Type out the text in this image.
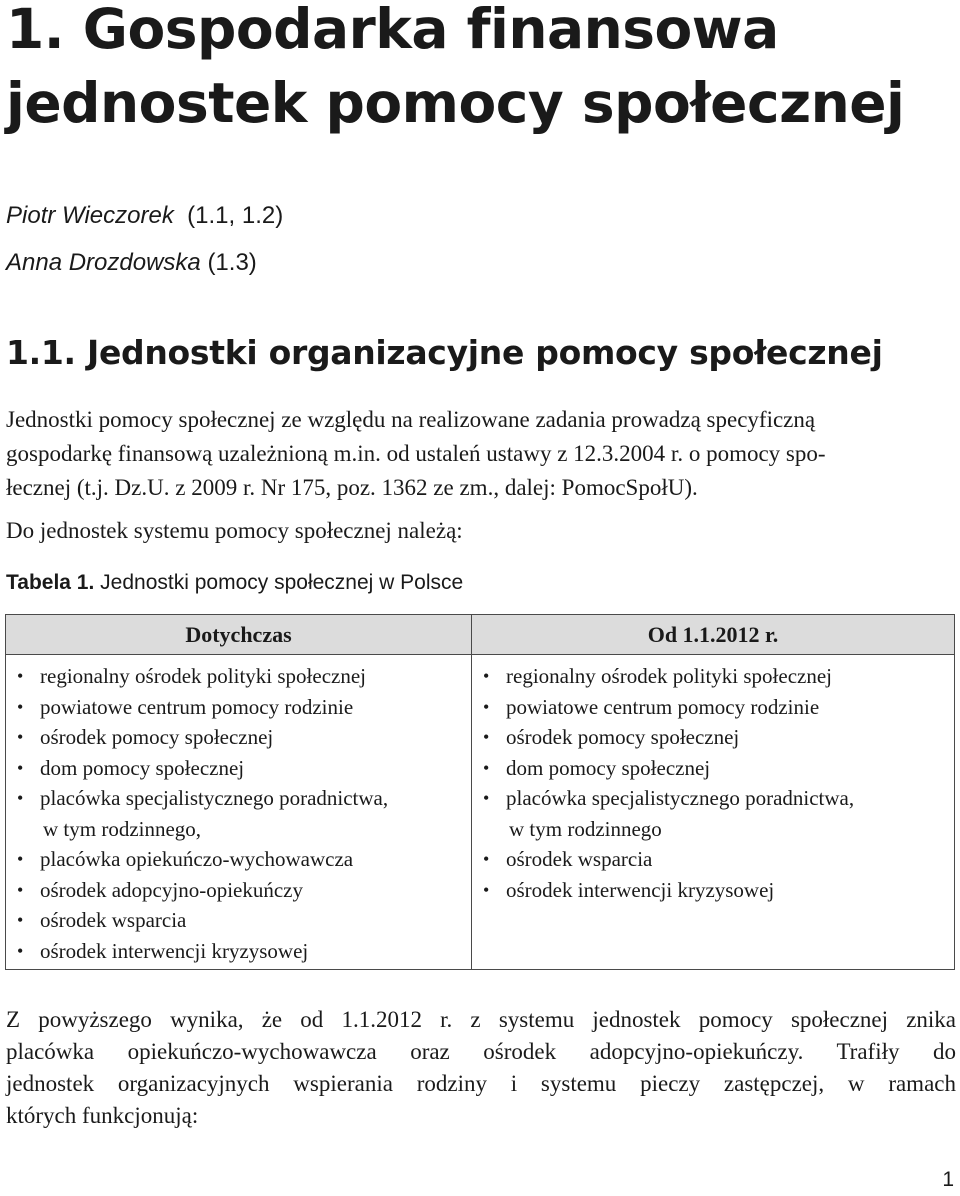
1. Gospodarka finansowa
jednostek pomocy społecznej
Piotr Wieczorek (1.1, 1.2)
Anna Drozdowska (1.3)
1.1. Jednostki organizacyjne pomocy społecznej

Jednostki pomocy społecznej ze względu na realizowane zadania prowadzą specyficzną
gospodarkę finansową uzależnioną m.in. od ustaleń ustawy z 12.3.2004 r. o pomocy spo-
łecznej (t.j. Dz.U. z 2009 r. Nr 175, poz. 1362 ze zm., dalej: PomocSpołU).

Do jednostek systemu pomocy społecznej należą:

Tabela 1. Jednostki pomocy społecznej w Polsce
Dotychczas
• regionalny ośrodek polityki społecznej
• powiatowe centrum pomocy rodzinie
• ośrodek pomocy społecznej
• dom pomocy społecznej
• placówka specjalistycznego poradnictwa,
w tym rodzinnego,
• placówka opiekuńczo-wychowawcza
• ośrodek adopcyjno-opiekuńczy
• ośrodek wsparcia
• ośrodek interwencji kryzysowej
Od 1.1.2012 r.
• regionalny ośrodek polityki społecznej
• powiatowe centrum pomocy rodzinie
• ośrodek pomocy społecznej
• dom pomocy społecznej
• placówka specjalistycznego poradnictwa,
w tym rodzinnego
• ośrodek wsparcia
• ośrodek interwencji kryzysowej

Z powyższego wynika, że od 1.1.2012 r. z systemu jednostek pomocy społecznej znika
placówka opiekuńczo-wychowawcza oraz ośrodek adopcyjno-opiekuńczy. Trafiły do
jednostek organizacyjnych wspierania rodziny i systemu pieczy zastępczej, w ramach
których funkcjonują:

1
